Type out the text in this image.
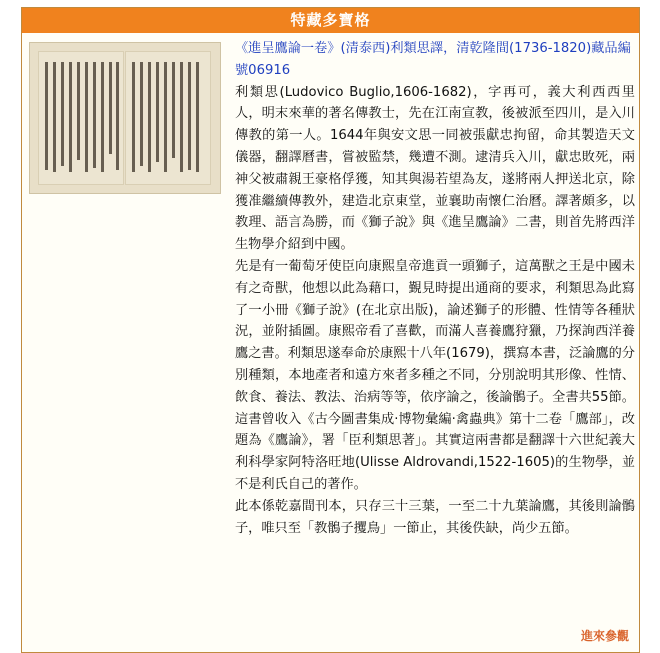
特藏多寶格
《進呈鷹論一卷》(清泰西)利類思譯，清乾隆間(1736-1820)藏品編號06916
利類思(Ludovico Buglio,1606-1682)，字再可，義大利西西里人，明末來華的著名傳教士，先在江南宣教，後被派至四川，是入川傳教的第一人。1644年與安文思一同被張獻忠拘留，命其製造天文儀器，翻譯曆書，嘗被監禁，幾遭不測。逮清兵入川，獻忠敗死，兩神父被肅親王豪格俘獲，知其與湯若望為友，遂將兩人押送北京，除獲准繼續傳教外，建造北京東堂，並襄助南懷仁治曆。譯著頗多，以教理、語言為勝，而《獅子說》與《進呈鷹論》二書，則首先將西洋生物學介紹到中國。
先是有一葡萄牙使臣向康熙皇帝進貢一頭獅子，這萬獸之王是中國未有之奇獸，他想以此為藉口，覲見時提出通商的要求，利類思為此寫了一小冊《獅子說》(在北京出版)，論述獅子的形體、性情等各種狀況，並附插圖。康熙帝看了喜歡，而滿人喜養鷹狩獵，乃探詢西洋養鷹之書。利類思遂奉命於康熙十八年(1679)，撰寫本書，泛論鷹的分別種類，本地產者和遠方來者多種之不同，分別說明其形像、性情、飲食、養法、教法、治病等等，依序論之，後論鶻子。全書共55節。這書曾收入《古今圖書集成·博物彙編·禽蟲典》第十二卷「鷹部」，改題為《鷹論》，署「臣利類思著」。其實這兩書都是翻譯十六世紀義大利科學家阿特洛旺地(Ulisse Aldrovandi,1522-1605)的生物學，並不是利氏自己的著作。
此本係乾嘉間刊本，只存三十三葉，一至二十九葉論鷹，其後則論鶻子，唯只至「教鶻子攫鳥」一節止，其後佚缺，尚少五節。
進來參觀
